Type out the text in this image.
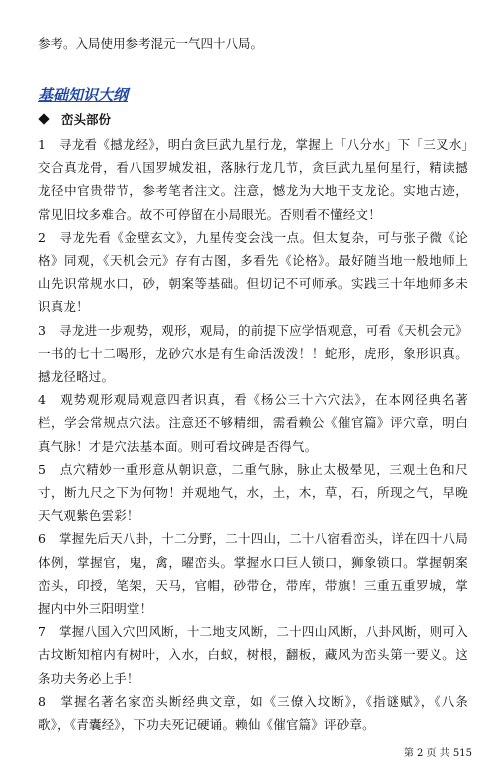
参考。入局使用参考混元一气四十八局。

基础知识大纲
峦头部份

1　寻龙看《撼龙经》，明白贪巨武九星行龙，掌握上「八分水」下「三叉水」交合真龙骨，看八国罗城发祖，落脉行龙几节，贪巨武九星何星行，精读撼龙径中官贵带节，参考笔者注文。注意，憾龙为大地干支龙论。实地古迹，常见旧坟多难合。故不可停留在小局眼光。否则看不懂经文！

2　寻龙先看《金壁玄文》，九星传变会浅一点。但太复杂，可与张子微《论格》同观，《天机会元》存有古图，多看先《论格》。最好随当地一般地师上山先识常规水口，砂，朝案等基础。但切记不可师承。实践三十年地师多未识真龙！

3　寻龙进一步观势，观形，观局，的前提下应学悟观意，可看《天机会元》一书的七十二喝形，龙砂穴水是有生命活泼泼！！蛇形，虎形，象形识真。撼龙径略过。

4　观势观形观局观意四者识真，看《杨公三十六穴法》，在本网径典名著栏，学会常规点穴法。注意还不够精细，需看赖公《催官篇》评穴章，明白真气脉！才是穴法基本面。则可看坟碑是否得气。

5　点穴精妙一重形意从朝识意，二重气脉，脉止太极晕见，三观土色和尺寸，断九尺之下为何物！并观地气，水，土，木，草，石，所现之气，早晚天气观紫色雲彩！

6　掌握先后天八卦，十二分野，二十四山，二十八宿看峦头，详在四十八局体例，掌握官，鬼，禽，曜峦头。掌握水口巨人锁口，狮象锁口。掌握朝案峦头，印授，笔架，天马，官帽，砂带仓，带库，带旗！三重五重罗城，掌握内中外三阳明堂！

7　掌握八国入穴凹风断，十二地支风断，二十四山风断，八卦风断，则可入古坟断知棺内有树叶，入水，白蚁，树根，翻板，藏风为峦头第一要义。这条功夫务必上手！

8　掌握名著名家峦头断经典文章，如《三僚入坟断》，《指谜赋》，《八条歌》，《青囊经》，下功夫死记硬诵。赖仙《催官篇》评砂章。

第 2 页 共 515
